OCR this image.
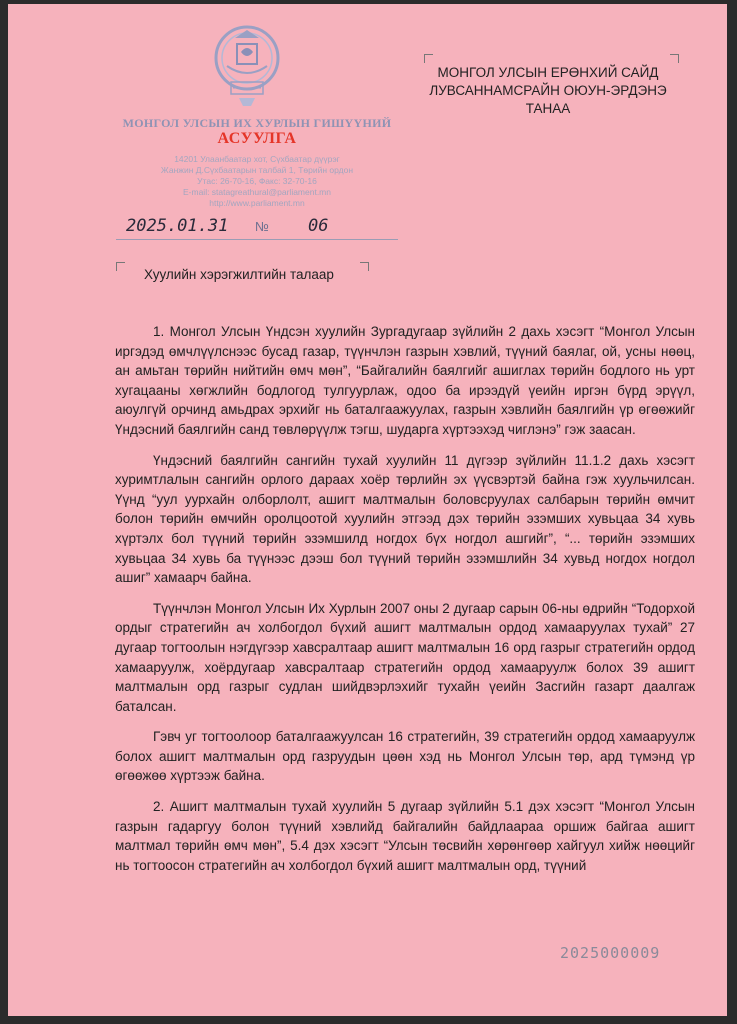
МОНГОЛ УЛСЫН ИХ ХУРЛЫН ГИШҮҮНИЙ
АСУУЛГА
14201 Улаанбаатар хот, Сүхбаатар дүүрэг
Жанжин Д.Сүхбаатарын талбай 1, Төрийн ордон
Утас: 26-70-16, Факс: 32-70-16
E-mail: statagreathural@parliament.mn
http://www.parliament.mn
2025.01.31 № 06
МОНГОЛ УЛСЫН ЕРӨНХИЙ САЙД
ЛУВСАННАМСРАЙН ОЮУН-ЭРДЭНЭ
ТАНАА
Хуулийн хэрэгжилтийн талаар

1. Монгол Улсын Үндсэн хуулийн Зургадугаар зүйлийн 2 дахь хэсэгт “Монгол Улсын иргэдэд өмчлүүлснээс бусад газар, түүнчлэн газрын хэвлий, түүний баялаг, ой, усны нөөц, ан амьтан төрийн нийтийн өмч мөн”, “Байгалийн баялгийг ашиглах төрийн бодлого нь урт хугацааны хөгжлийн бодлогод тулгуурлаж, одоо ба ирээдүй үеийн иргэн бүрд эрүүл, аюулгүй орчинд амьдрах эрхийг нь баталгаажуулах, газрын хэвлийн баялгийн үр өгөөжийг Үндэсний баялгийн санд төвлөрүүлж тэгш, шударга хүртээхэд чиглэнэ” гэж заасан.

Үндэсний баялгийн сангийн тухай хуулийн 11 дүгээр зүйлийн 11.1.2 дахь хэсэгт хуримтлалын сангийн орлого дараах хоёр төрлийн эх үүсвэртэй байна гэж хуульчилсан. Үүнд “уул уурхайн олборлолт, ашигт малтмалын боловсруулах салбарын төрийн өмчит болон төрийн өмчийн оролцоотой хуулийн этгээд дэх төрийн эзэмших хувьцаа 34 хувь хүртэлх бол түүний төрийн эзэмшилд ногдох бүх ногдол ашгийг”, “... төрийн эзэмших хувьцаа 34 хувь ба түүнээс дээш бол түүний төрийн эзэмшлийн 34 хувьд ногдох ногдол ашиг” хамаарч байна.

Түүнчлэн Монгол Улсын Их Хурлын 2007 оны 2 дугаар сарын 06-ны өдрийн “Тодорхой ордыг стратегийн ач холбогдол бүхий ашигт малтмалын ордод хамааруулах тухай” 27 дугаар тогтоолын нэгдүгээр хавсралтаар ашигт малтмалын 16 орд газрыг стратегийн ордод хамааруулж, хоёрдугаар хавсралтаар стратегийн ордод хамааруулж болох 39 ашигт малтмалын орд газрыг судлан шийдвэрлэхийг тухайн үеийн Засгийн газарт даалгаж баталсан.

Гэвч уг тогтоолоор баталгаажуулсан 16 стратегийн, 39 стратегийн ордод хамааруулж болох ашигт малтмалын орд газруудын цөөн хэд нь Монгол Улсын төр, ард түмэнд үр өгөөжөө хүртээж байна.

2. Ашигт малтмалын тухай хуулийн 5 дугаар зүйлийн 5.1 дэх хэсэгт “Монгол Улсын газрын гадаргуу болон түүний хэвлийд байгалийн байдлаараа оршиж байгаа ашигт малтмал төрийн өмч мөн”, 5.4 дэх хэсэгт “Улсын төсвийн хөрөнгөөр хайгуул хийж нөөцийг нь тогтоосон стратегийн ач холбогдол бүхий ашигт малтмалын орд, түүний

2025000009
